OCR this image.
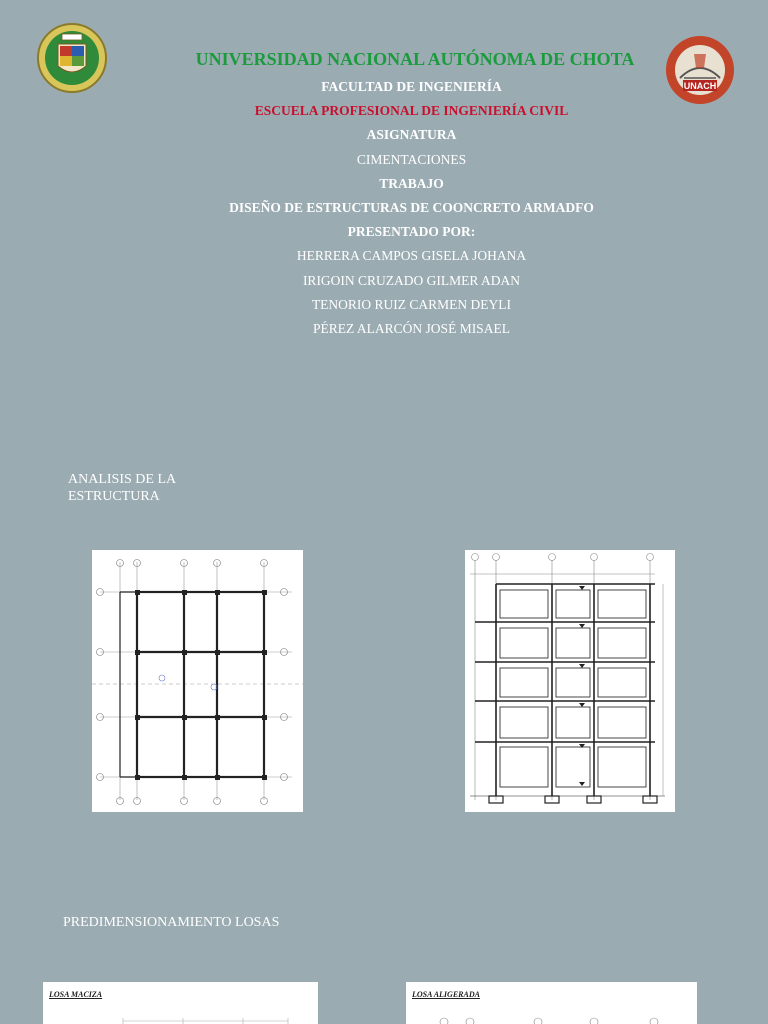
UNACH
UNIVERSIDAD NACIONAL AUTÓNOMA DE CHOTA
FACULTAD DE INGENIERÍA
ESCUELA PROFESIONAL DE INGENIERÍA CIVIL
ASIGNATURA
CIMENTACIONES
TRABAJO
DISEÑO DE ESTRUCTURAS DE COONCRETO ARMADFO
PRESENTADO POR:
HERRERA CAMPOS GISELA JOHANA
IRIGOIN CRUZADO GILMER ADAN
TENORIO RUIZ CARMEN DEYLI
PÉREZ ALARCÓN JOSÉ MISAEL
ANALISIS DE LA ESTRUCTURA
PREDIMENSIONAMIENTO LOSAS
LOSA MACIZA	LOSA ALIGERADA
